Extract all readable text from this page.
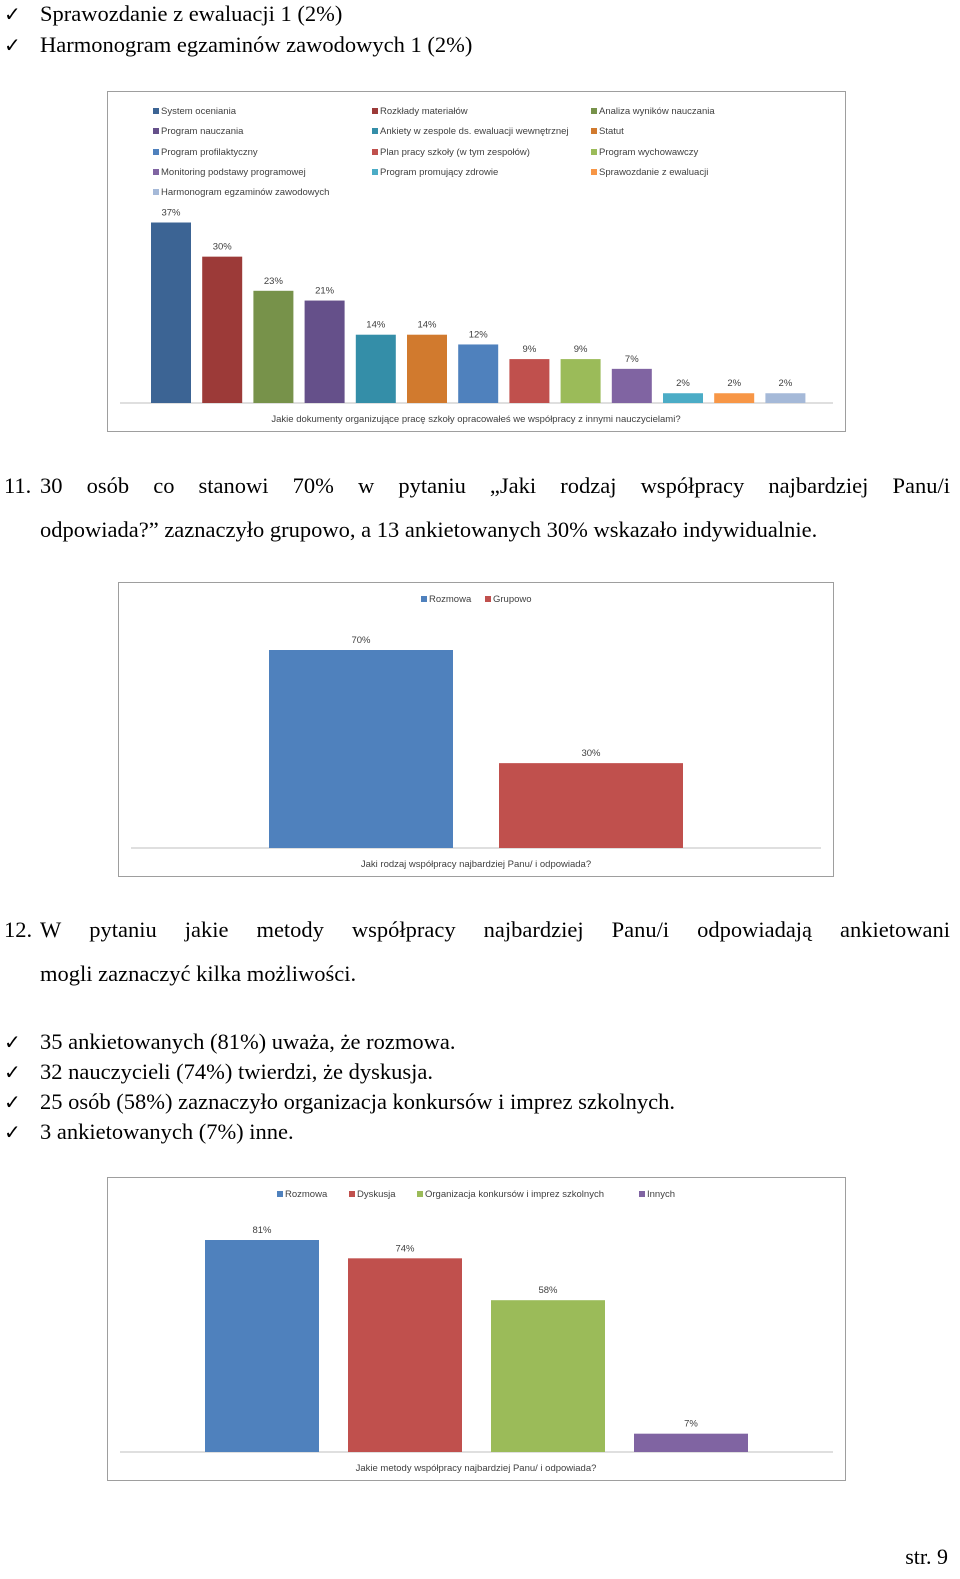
✓ Sprawozdanie z ewaluacji 1 (2%)
✓ Harmonogram egzaminów zawodowych 1 (2%)
System oceniania	Rozkłady materiałów	Analiza wyników nauczania
Program nauczania	Ankiety w zespole ds. ewaluacji wewnętrznej	Statut
Program profilaktyczny	Plan pracy szkoły (w tym zespołów)	Program wychowawczy
Monitoring podstawy programowej	Program promujący zdrowie	Sprawozdanie z ewaluacji
Harmonogram egzaminów zawodowych
37%
30%
23%
21%
14%	14%
12%
9%	9%
7%
2%	2%	2%
Jakie dokumenty organizujące pracę szkoły opracowałeś we współpracy z innymi nauczycielami?
11. 30 osób co stanowi 70% w pytaniu „Jaki rodzaj współpracy najbardziej Panu/i
odpowiada?” zaznaczyło grupowo, a 13 ankietowanych 30% wskazało indywidualnie.
Rozmowa Grupowo
70%
30%
Jaki rodzaj współpracy najbardziej Panu/ i odpowiada?
12. W pytaniu jakie metody współpracy najbardziej Panu/i odpowiadają ankietowani
mogli zaznaczyć kilka możliwości.
✓ 35 ankietowanych (81%) uważa, że rozmowa.
✓ 32 nauczycieli (74%) twierdzi, że dyskusja.
✓ 25 osób (58%) zaznaczyło organizacja konkursów i imprez szkolnych.
✓ 3 ankietowanych (7%) inne.
Rozmowa	Dyskusja	Organizacja konkursów i imprez szkolnych	Innych
81%
74%
58%
7%
Jakie metody współpracy najbardziej Panu/ i odpowiada?
str. 9
